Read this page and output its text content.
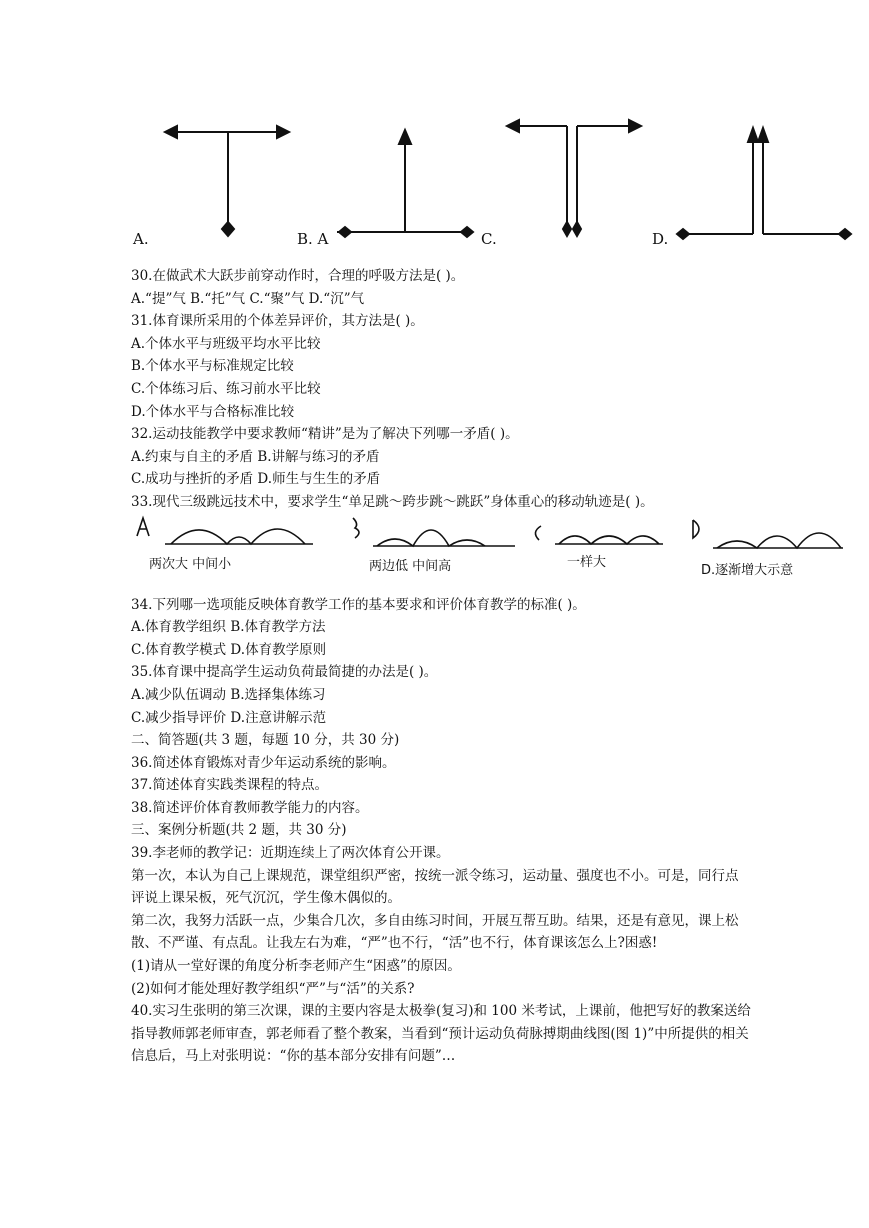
A.	B. A	C.	D.
30.在做武术大跃步前穿动作时，合理的呼吸方法是( )。
A.“提”气 B.“托”气 C.“聚”气 D.“沉”气
31.体育课所采用的个体差异评价，其方法是( )。
A.个体水平与班级平均水平比较
B.个体水平与标准规定比较
C.个体练习后、练习前水平比较
D.个体水平与合格标准比较
32.运动技能教学中要求教师“精讲”是为了解决下列哪一矛盾( )。
A.约束与自主的矛盾 B.讲解与练习的矛盾
C.成功与挫折的矛盾 D.师生与生生的矛盾
33.现代三级跳远技术中，要求学生“单足跳～跨步跳～跳跃”身体重心的移动轨迹是( )。
两次大 中间小	两边低 中间高	一样大
D.逐渐增大示意
34.下列哪一选项能反映体育教学工作的基本要求和评价体育教学的标准( )。
A.体育教学组织 B.体育教学方法
C.体育教学模式 D.体育教学原则
35.体育课中提高学生运动负荷最简捷的办法是( )。
A.减少队伍调动 B.选择集体练习
C.减少指导评价 D.注意讲解示范
二、简答题(共 3 题，每题 10 分，共 30 分)
36.简述体育锻炼对青少年运动系统的影响。
37.简述体育实践类课程的特点。
38.简述评价体育教师教学能力的内容。
三、案例分析题(共 2 题，共 30 分)
39.李老师的教学记：近期连续上了两次体育公开课。
第一次，本认为自己上课规范，课堂组织严密，按统一派令练习，运动量、强度也不小。可是，同行点评说上课呆板，死气沉沉，学生像木偶似的。
第二次，我努力活跃一点，少集合几次，多自由练习时间，开展互帮互助。结果，还是有意见，课上松散、不严谨、有点乱。让我左右为难，“严”也不行，“活”也不行，体育课该怎么上?困惑!
(1)请从一堂好课的角度分析李老师产生“困惑”的原因。
(2)如何才能处理好教学组织“严”与“活”的关系?
40.实习生张明的第三次课，课的主要内容是太极拳(复习)和 100 米考试，上课前，他把写好的教案送给指导教师郭老师审查，郭老师看了整个教案，当看到“预计运动负荷脉搏期曲线图(图 1)”中所提供的相关信息后，马上对张明说：“你的基本部分安排有问题”…
